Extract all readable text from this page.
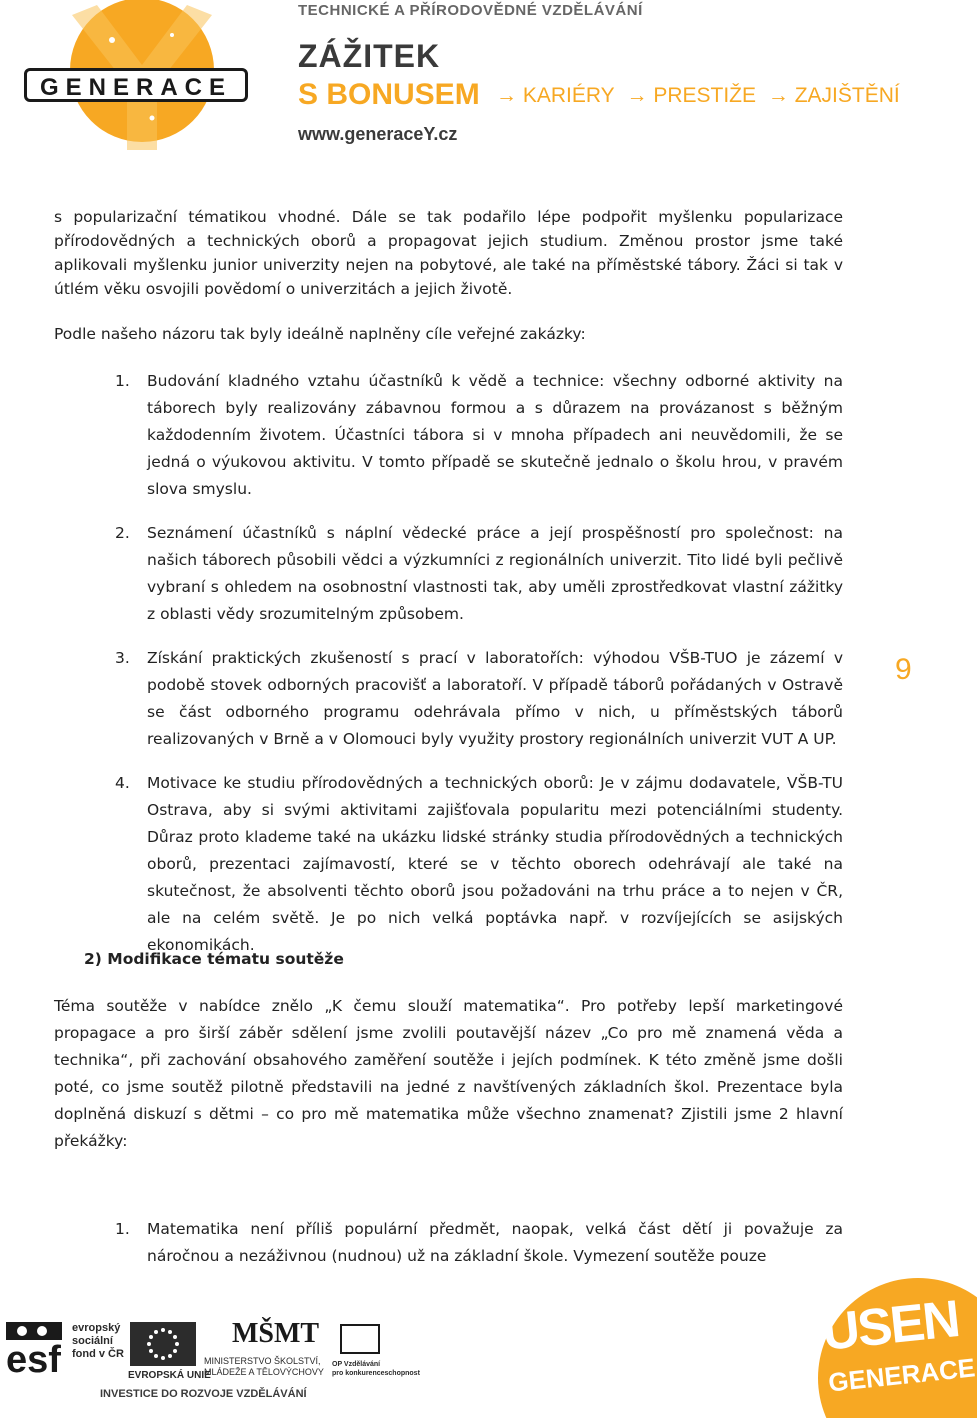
GENERACE
TECHNICKÉ A PŘÍRODOVĚDNÉ VZDĚLÁVÁNÍ
ZÁŽITEK
S BONUSEM → KARIÉRY → PRESTIŽE → ZAJIŠTĚNÍ
www.generaceY.cz

s popularizační tématikou vhodné. Dále se tak podařilo lépe podpořit myšlenku popularizace přírodovědných a technických oborů a propagovat jejich studium. Změnou prostor jsme také aplikovali myšlenku junior univerzity nejen na pobytové, ale také na příměstské tábory. Žáci si tak v útlém věku osvojili povědomí o univerzitách a jejich životě.

Podle našeho názoru tak byly ideálně naplněny cíle veřejné zakázky:

1.	Budování kladného vztahu účastníků k vědě a technice: všechny odborné aktivity na táborech byly realizovány zábavnou formou a s důrazem na provázanost s běžným každodenním životem. Účastníci tábora si v mnoha případech ani neuvědomili, že se jedná o výukovou aktivitu. V tomto případě se skutečně jednalo o školu hrou, v pravém slova smyslu.
2.	Seznámení účastníků s náplní vědecké práce a její prospěšností pro společnost: na našich táborech působili vědci a výzkumníci z regionálních univerzit. Tito lidé byli pečlivě vybraní s ohledem na osobnostní vlastnosti tak, aby uměli zprostředkovat vlastní zážitky z oblasti vědy srozumitelným způsobem.
3.	Získání praktických zkušeností s prací v laboratořích: výhodou VŠB-TUO je zázemí v podobě stovek odborných pracovišť a laboratoří. V případě táborů pořádaných v Ostravě se část odborného programu odehrávala přímo v nich, u příměstských táborů realizovaných v Brně a v Olomouci byly využity prostory regionálních univerzit VUT A UP.
4.	Motivace ke studiu přírodovědných a technických oborů: Je v zájmu dodavatele, VŠB-TU Ostrava, aby si svými aktivitami zajišťovala popularitu mezi potenciálními studenty. Důraz proto klademe také na ukázku lidské stránky studia přírodovědných a technických oborů, prezentaci zajímavostí, které se v těchto oborech odehrávají ale také na skutečnost, že absolventi těchto oborů jsou požadováni na trhu práce a to nejen v ČR, ale na celém světě. Je po nich velká poptávka např. v rozvíjejících se asijských ekonomikách.
2) Modifikace tématu soutěže

Téma soutěže v nabídce znělo „K čemu slouží matematika“. Pro potřeby lepší marketingové propagace a pro širší záběr sdělení jsme zvolili poutavější název „Co pro mě znamená věda a technika“, při zachování obsahového zaměření soutěže i jejích podmínek. K této změně jsme došli poté, co jsme soutěž pilotně představili na jedné z navštívených základních škol. Prezentace byla doplněná diskuzí s dětmi – co pro mě matematika může všechno znamenat? Zjistili jsme 2 hlavní překážky:

1.	Matematika není příliš populární předmět, naopak, velká část dětí ji považuje za náročnou a nezáživnou (nudnou) už na základní škole. Vymezení soutěže pouze
9
esf
evropský
sociální
fond v ČR
EVROPSKÁ UNIE
MŠMT
MINISTERSTVO ŠKOLSTVÍ,
MLÁDEŽE A TĚLOVÝCHOVY
OP Vzdělávání
pro konkurenceschopnost
INVESTICE DO ROZVOJE VZDĚLÁVÁNÍ
USEN
GENERACE
